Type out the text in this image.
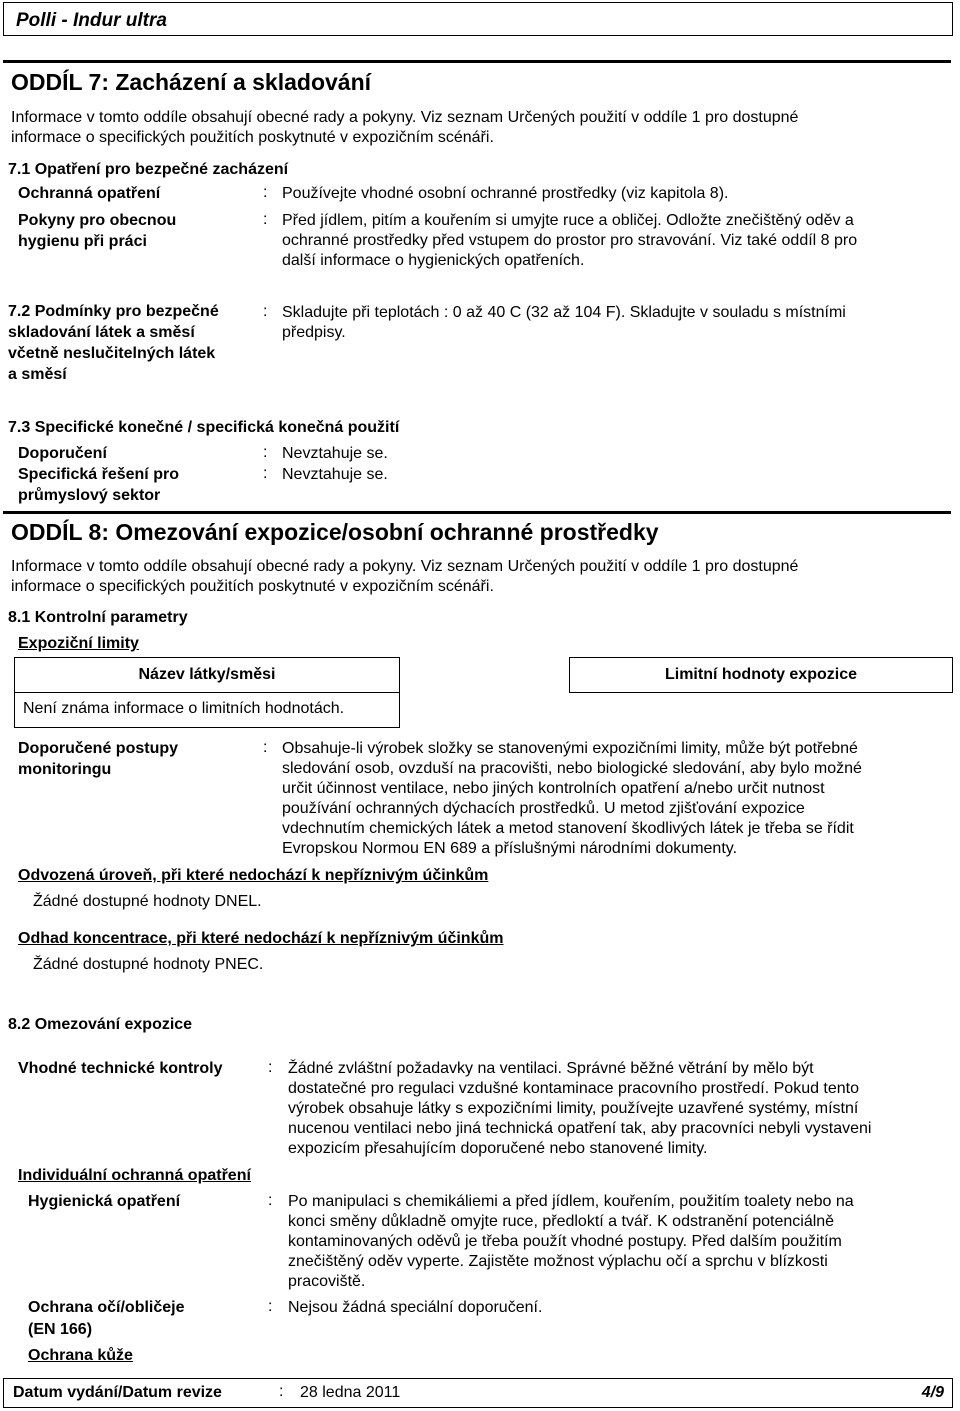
Polli - Indur ultra
ODDÍL 7: Zacházení a skladování
Informace v tomto oddíle obsahují obecné rady a pokyny. Viz seznam Určených použití v oddíle 1 pro dostupné
informace o specifických použitích poskytnuté v expozičním scénáři.
7.1 Opatření pro bezpečné zacházení
Ochranná opatření	: Používejte vhodné osobní ochranné prostředky (viz kapitola 8).
Pokyny pro obecnou
hygienu při práci
: Před jídlem, pitím a kouřením si umyjte ruce a obličej. Odložte znečištěný oděv a
ochranné prostředky před vstupem do prostor pro stravování. Viz také oddíl 8 pro
další informace o hygienických opatřeních.
7.2 Podmínky pro bezpečné
skladování látek a směsí
včetně neslučitelných látek
a směsí
: Skladujte při teplotách : 0 až 40 C (32 až 104 F). Skladujte v souladu s místními
předpisy.
7.3 Specifické konečné / specifická konečná použití
Doporučení	: Nevztahuje se.
Specifická řešení pro
průmyslový sektor
: Nevztahuje se.
ODDÍL 8: Omezování expozice/osobní ochranné prostředky
Informace v tomto oddíle obsahují obecné rady a pokyny. Viz seznam Určených použití v oddíle 1 pro dostupné
informace o specifických použitích poskytnuté v expozičním scénáři.
8.1 Kontrolní parametry
Expoziční limity
Název látky/směsi	Limitní hodnoty expozice
Není známa informace o limitních hodnotách.
Doporučené postupy
monitoringu
: Obsahuje-li výrobek složky se stanovenými expozičními limity, může být potřebné
sledování osob, ovzduší na pracovišti, nebo biologické sledování, aby bylo možné
určit účinnost ventilace, nebo jiných kontrolních opatření a/nebo určit nutnost
používání ochranných dýchacích prostředků. U metod zjišťování expozice
vdechnutím chemických látek a metod stanovení škodlivých látek je třeba se řídit
Evropskou Normou EN 689 a příslušnými národními dokumenty.
Odvozená úroveň, při které nedochází k nepříznivým účinkům
Žádné dostupné hodnoty DNEL.
Odhad koncentrace, při které nedochází k nepříznivým účinkům
Žádné dostupné hodnoty PNEC.
8.2 Omezování expozice
Vhodné technické kontroly	: Žádné zvláštní požadavky na ventilaci. Správné běžné větrání by mělo být
dostatečné pro regulaci vzdušné kontaminace pracovního prostředí. Pokud tento
výrobek obsahuje látky s expozičními limity, používejte uzavřené systémy, místní
nucenou ventilaci nebo jiná technická opatření tak, aby pracovníci nebyli vystaveni
expozicím přesahujícím doporučené nebo stanovené limity.
Individuální ochranná opatření
Hygienická opatření	: Po manipulaci s chemikáliemi a před jídlem, kouřením, použitím toalety nebo na
konci směny důkladně omyjte ruce, předloktí a tvář. K odstranění potenciálně
kontaminovaných oděvů je třeba použít vhodné postupy. Před dalším použitím
znečištěný oděv vyperte. Zajistěte možnost výplachu očí a sprchu v blízkosti
pracoviště.
Ochrana očí/obličeje
(EN 166)
: Nejsou žádná speciální doporučení.
Ochrana kůže
Datum vydání/Datum revize	: 28 ledna 2011	4/9
